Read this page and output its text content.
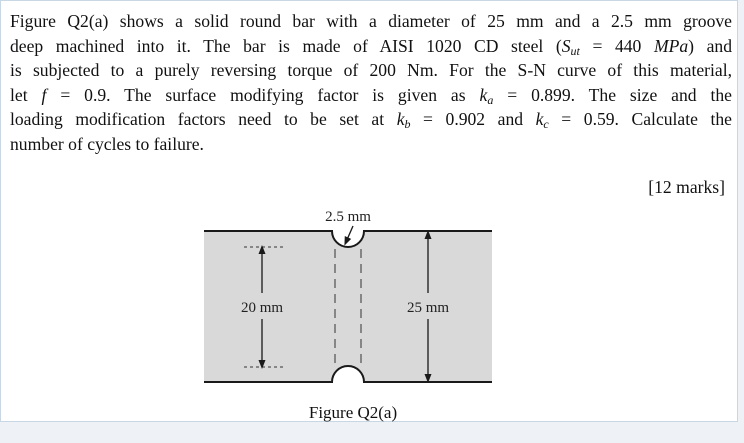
Figure Q2(a) shows a solid round bar with a diameter of 25 mm and a 2.5 mm groove
deep machined into it. The bar is made of AISI 1020 CD steel ($S_{ut} = 440$ MPa) and
is subjected to a purely reversing torque of 200 Nm. For the S-N curve of this material,
let f = 0.9. The surface modifying factor is given as $k_a = 0.899$. The size and the
loading modification factors need to be set at $k_b = 0.902$ and $k_c = 0.59$. Calculate the
number of cycles to failure.

[12 marks]

2.5 mm
20 mm	25 mm
Figure Q2(a)
